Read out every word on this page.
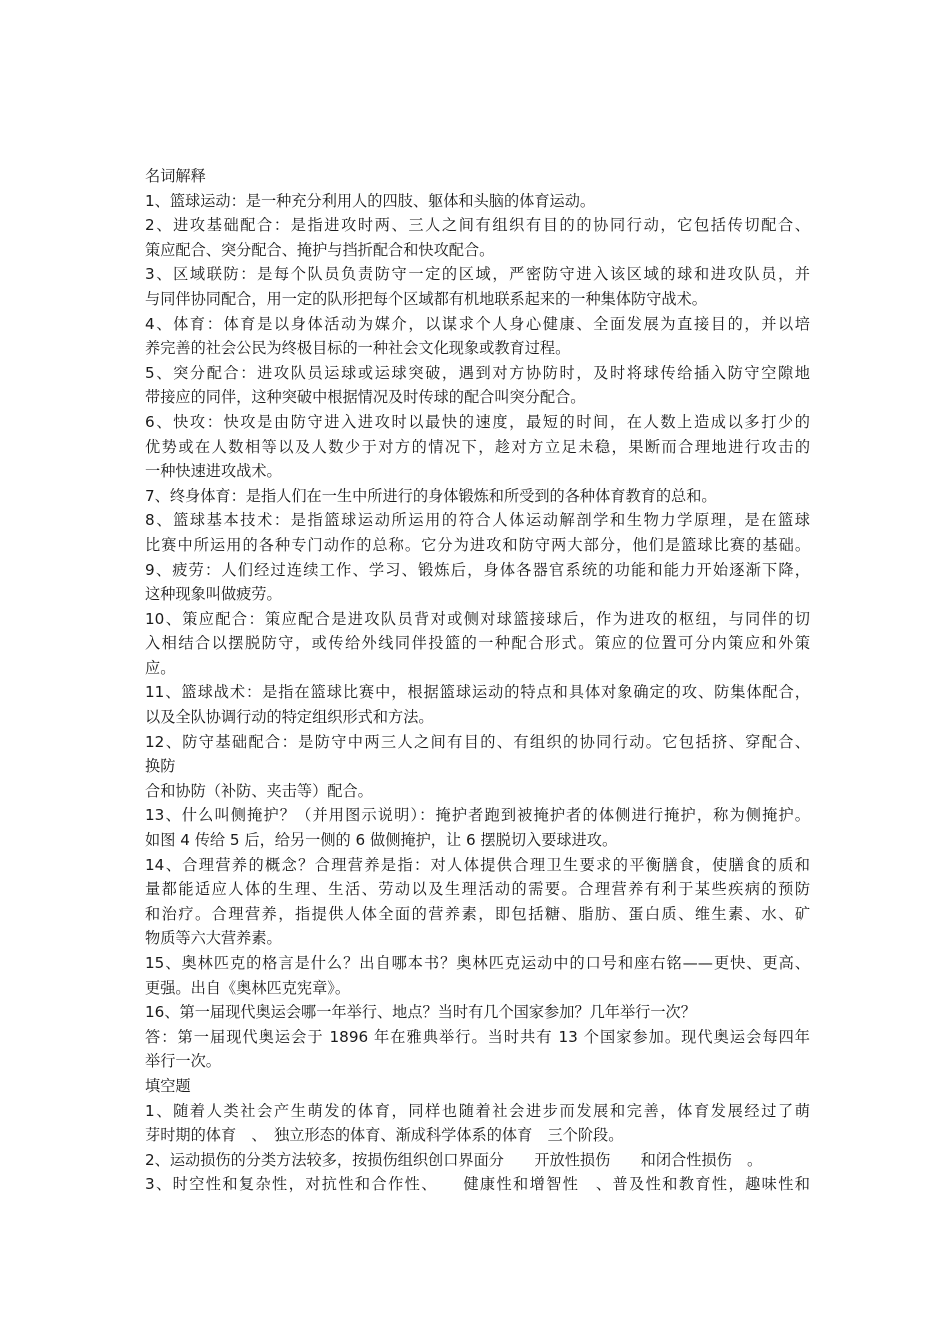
名词解释
1、篮球运动：是一种充分利用人的四肢、躯体和头脑的体育运动。
2、进攻基础配合：是指进攻时两、三人之间有组织有目的的协同行动，它包括传切配合、
策应配合、突分配合、掩护与挡折配合和快攻配合。
3、区域联防：是每个队员负责防守一定的区域，严密防守进入该区域的球和进攻队员，并
与同伴协同配合，用一定的队形把每个区域都有机地联系起来的一种集体防守战术。
4、体育：体育是以身体活动为媒介，以谋求个人身心健康、全面发展为直接目的，并以培
养完善的社会公民为终极目标的一种社会文化现象或教育过程。
5、突分配合：进攻队员运球或运球突破，遇到对方协防时，及时将球传给插入防守空隙地
带接应的同伴，这种突破中根据情况及时传球的配合叫突分配合。
6、快攻：快攻是由防守进入进攻时以最快的速度，最短的时间，在人数上造成以多打少的
优势或在人数相等以及人数少于对方的情况下，趁对方立足未稳，果断而合理地进行攻击的
一种快速进攻战术。
7、终身体育：是指人们在一生中所进行的身体锻炼和所受到的各种体育教育的总和。
8、篮球基本技术：是指篮球运动所运用的符合人体运动解剖学和生物力学原理，是在篮球
比赛中所运用的各种专门动作的总称。它分为进攻和防守两大部分，他们是篮球比赛的基础。
9、疲劳：人们经过连续工作、学习、锻炼后，身体各器官系统的功能和能力开始逐渐下降，
这种现象叫做疲劳。
10、策应配合：策应配合是进攻队员背对或侧对球篮接球后，作为进攻的枢纽，与同伴的切
入相结合以摆脱防守，或传给外线同伴投篮的一种配合形式。策应的位置可分内策应和外策
应。
11、篮球战术：是指在篮球比赛中，根据篮球运动的特点和具体对象确定的攻、防集体配合，
以及全队协调行动的特定组织形式和方法。
12、防守基础配合：是防守中两三人之间有目的、有组织的协同行动。它包括挤、穿配合、
换防
合和协防（补防、夹击等）配合。
13、什么叫侧掩护？（并用图示说明）：掩护者跑到被掩护者的体侧进行掩护，称为侧掩护。
如图 4 传给 5 后，给另一侧的 6 做侧掩护，让 6 摆脱切入要球进攻。
14、合理营养的概念？合理营养是指：对人体提供合理卫生要求的平衡膳食，使膳食的质和
量都能适应人体的生理、生活、劳动以及生理活动的需要。合理营养有利于某些疾病的预防
和治疗。合理营养，指提供人体全面的营养素，即包括糖、脂肪、蛋白质、维生素、水、矿
物质等六大营养素。
15、奥林匹克的格言是什么？出自哪本书？奥林匹克运动中的口号和座右铭——更快、更高、
更强。出自《奥林匹克宪章》。
16、第一届现代奥运会哪一年举行、地点？当时有几个国家参加？几年举行一次？
答：第一届现代奥运会于 1896 年在雅典举行。当时共有 13 个国家参加。现代奥运会每四年
举行一次。
填空题
1、随着人类社会产生萌发的体育，同样也随着社会进步而发展和完善，体育发展经过了萌
芽时期的体育　、　独立形态的体育、渐成科学体系的体育　三个阶段。
2、运动损伤的分类方法较多，按损伤组织创口界面分　　开放性损伤　　和闭合性损伤　。
3、时空性和复杂性，对抗性和合作性、　　健康性和增智性　、普及性和教育性，趣味性和
